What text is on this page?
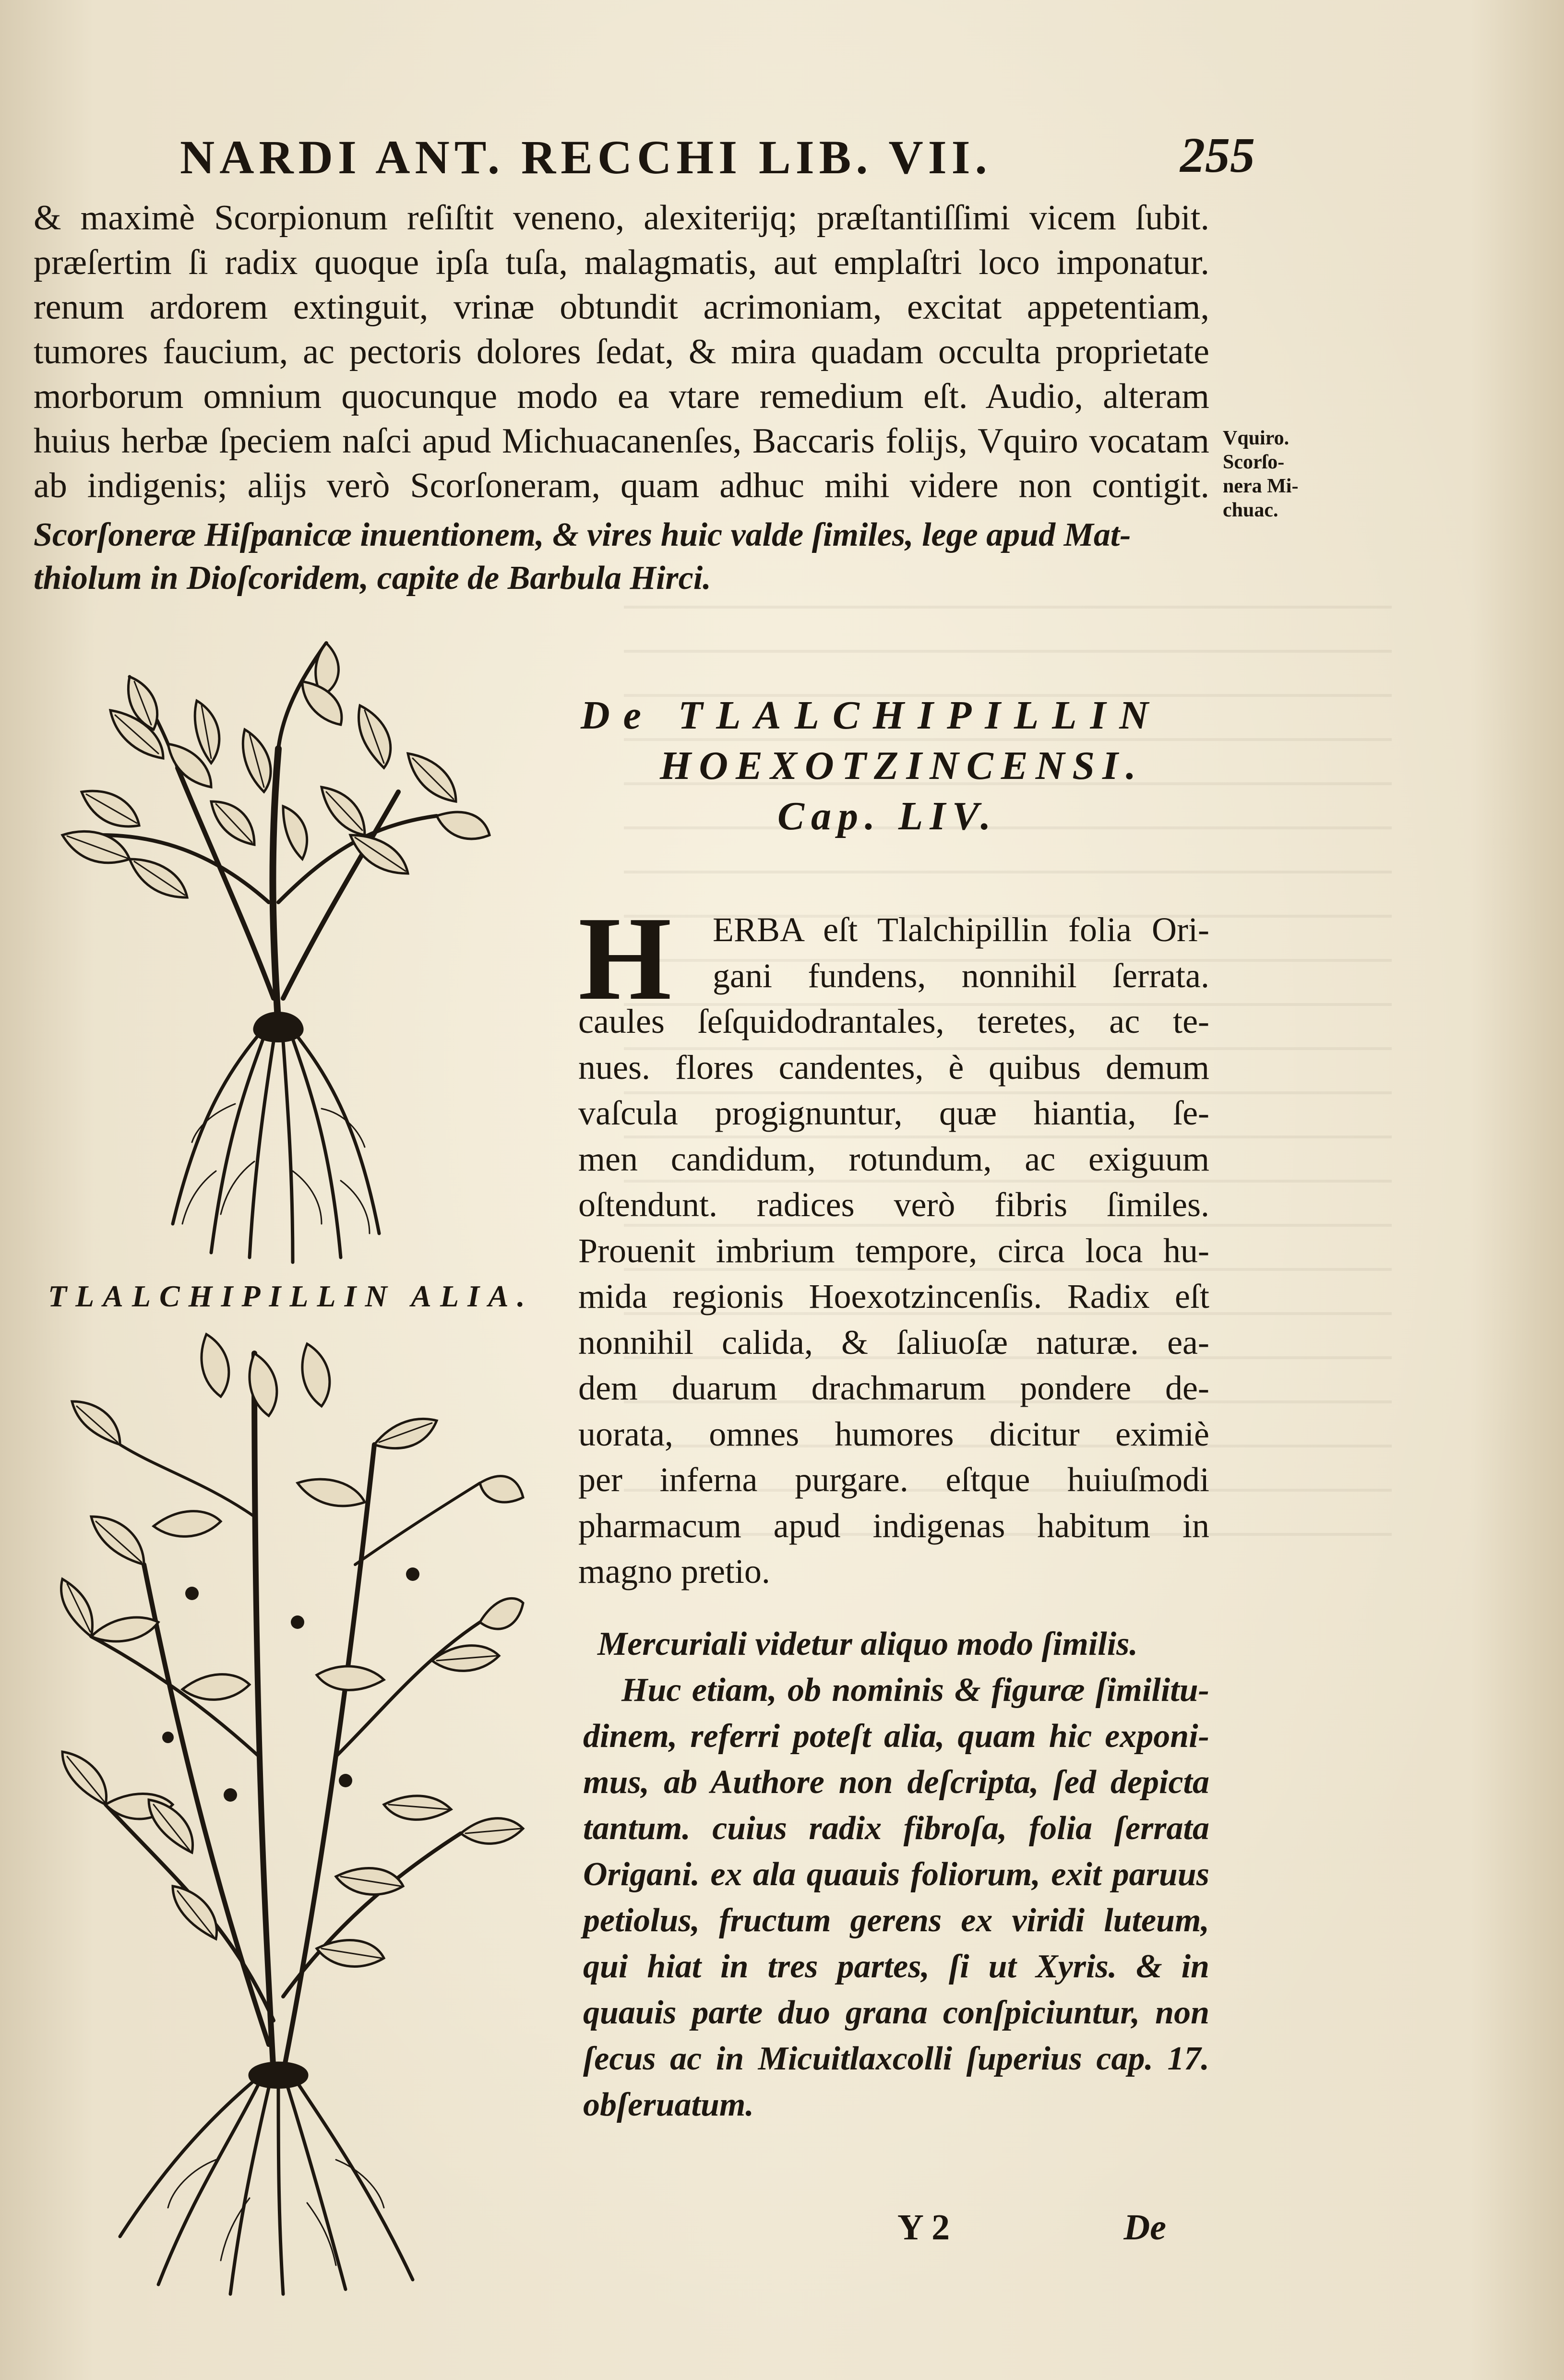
NARDI ANT. RECCHI LIB. VII.	255
& maximè Scorpionum reſiſtit veneno, alexiterijq; præſtantiſſimi vicem ſubit.
præſertim ſi radix quoque ipſa tuſa, malagmatis, aut emplaſtri loco imponatur.
renum ardorem extinguit, vrinæ obtundit acrimoniam, excitat appetentiam,
tumores faucium, ac pectoris dolores ſedat, & mira quadam occulta proprietate
morborum omnium quocunque modo ea vtare remedium eſt. Audio, alteram
huius herbæ ſpeciem naſci apud Michuacanenſes, Baccaris folijs, Vquiro vocatam
ab indigenis; alijs verò Scorſoneram, quam adhuc mihi videre non contigit.
Vquiro.
Scorſo-
nera Mi-
chuac.
Scorſoneræ Hiſpanicæ inuentionem, & vires huic valde ſimiles, lege apud Mat-
thiolum in Dioſcoridem, capite de Barbula Hirci.
De TLALCHIPILLIN
HOEXOTZINCENSI.
Cap. LIV.
H	ERBA eſt Tlalchipillin folia Ori-
gani fundens, nonnihil ſerrata.
caules ſeſquidodrantales, teretes, ac te-
nues. flores candentes, è quibus demum
vaſcula progignuntur, quæ hiantia, ſe-
men candidum, rotundum, ac exiguum
oſtendunt. radices verò fibris ſimiles.
Prouenit imbrium tempore, circa loca hu-
mida regionis Hoexotzincenſis. Radix eſt
nonnihil calida, & ſaliuoſæ naturæ. ea-
dem duarum drachmarum pondere de-
uorata, omnes humores dicitur eximiè
per inferna purgare. eſtque huiuſmodi
pharmacum apud indigenas habitum in
magno pretio.
Mercuriali videtur aliquo modo ſimilis.
Huc etiam, ob nominis & figuræ ſimilitu-
dinem, referri poteſt alia, quam hic exponi-
mus, ab Authore non deſcripta, ſed depicta
tantum. cuius radix fibroſa, folia ſerrata
Origani. ex ala quauis foliorum, exit paruus
petiolus, fructum gerens ex viridi luteum,
qui hiat in tres partes, ſi ut Xyris. & in
quauis parte duo grana conſpiciuntur, non
ſecus ac in Micuitlaxcolli ſuperius cap. 17.
obſeruatum.
TLALCHIPILLIN ALIA.
Y 2	De
